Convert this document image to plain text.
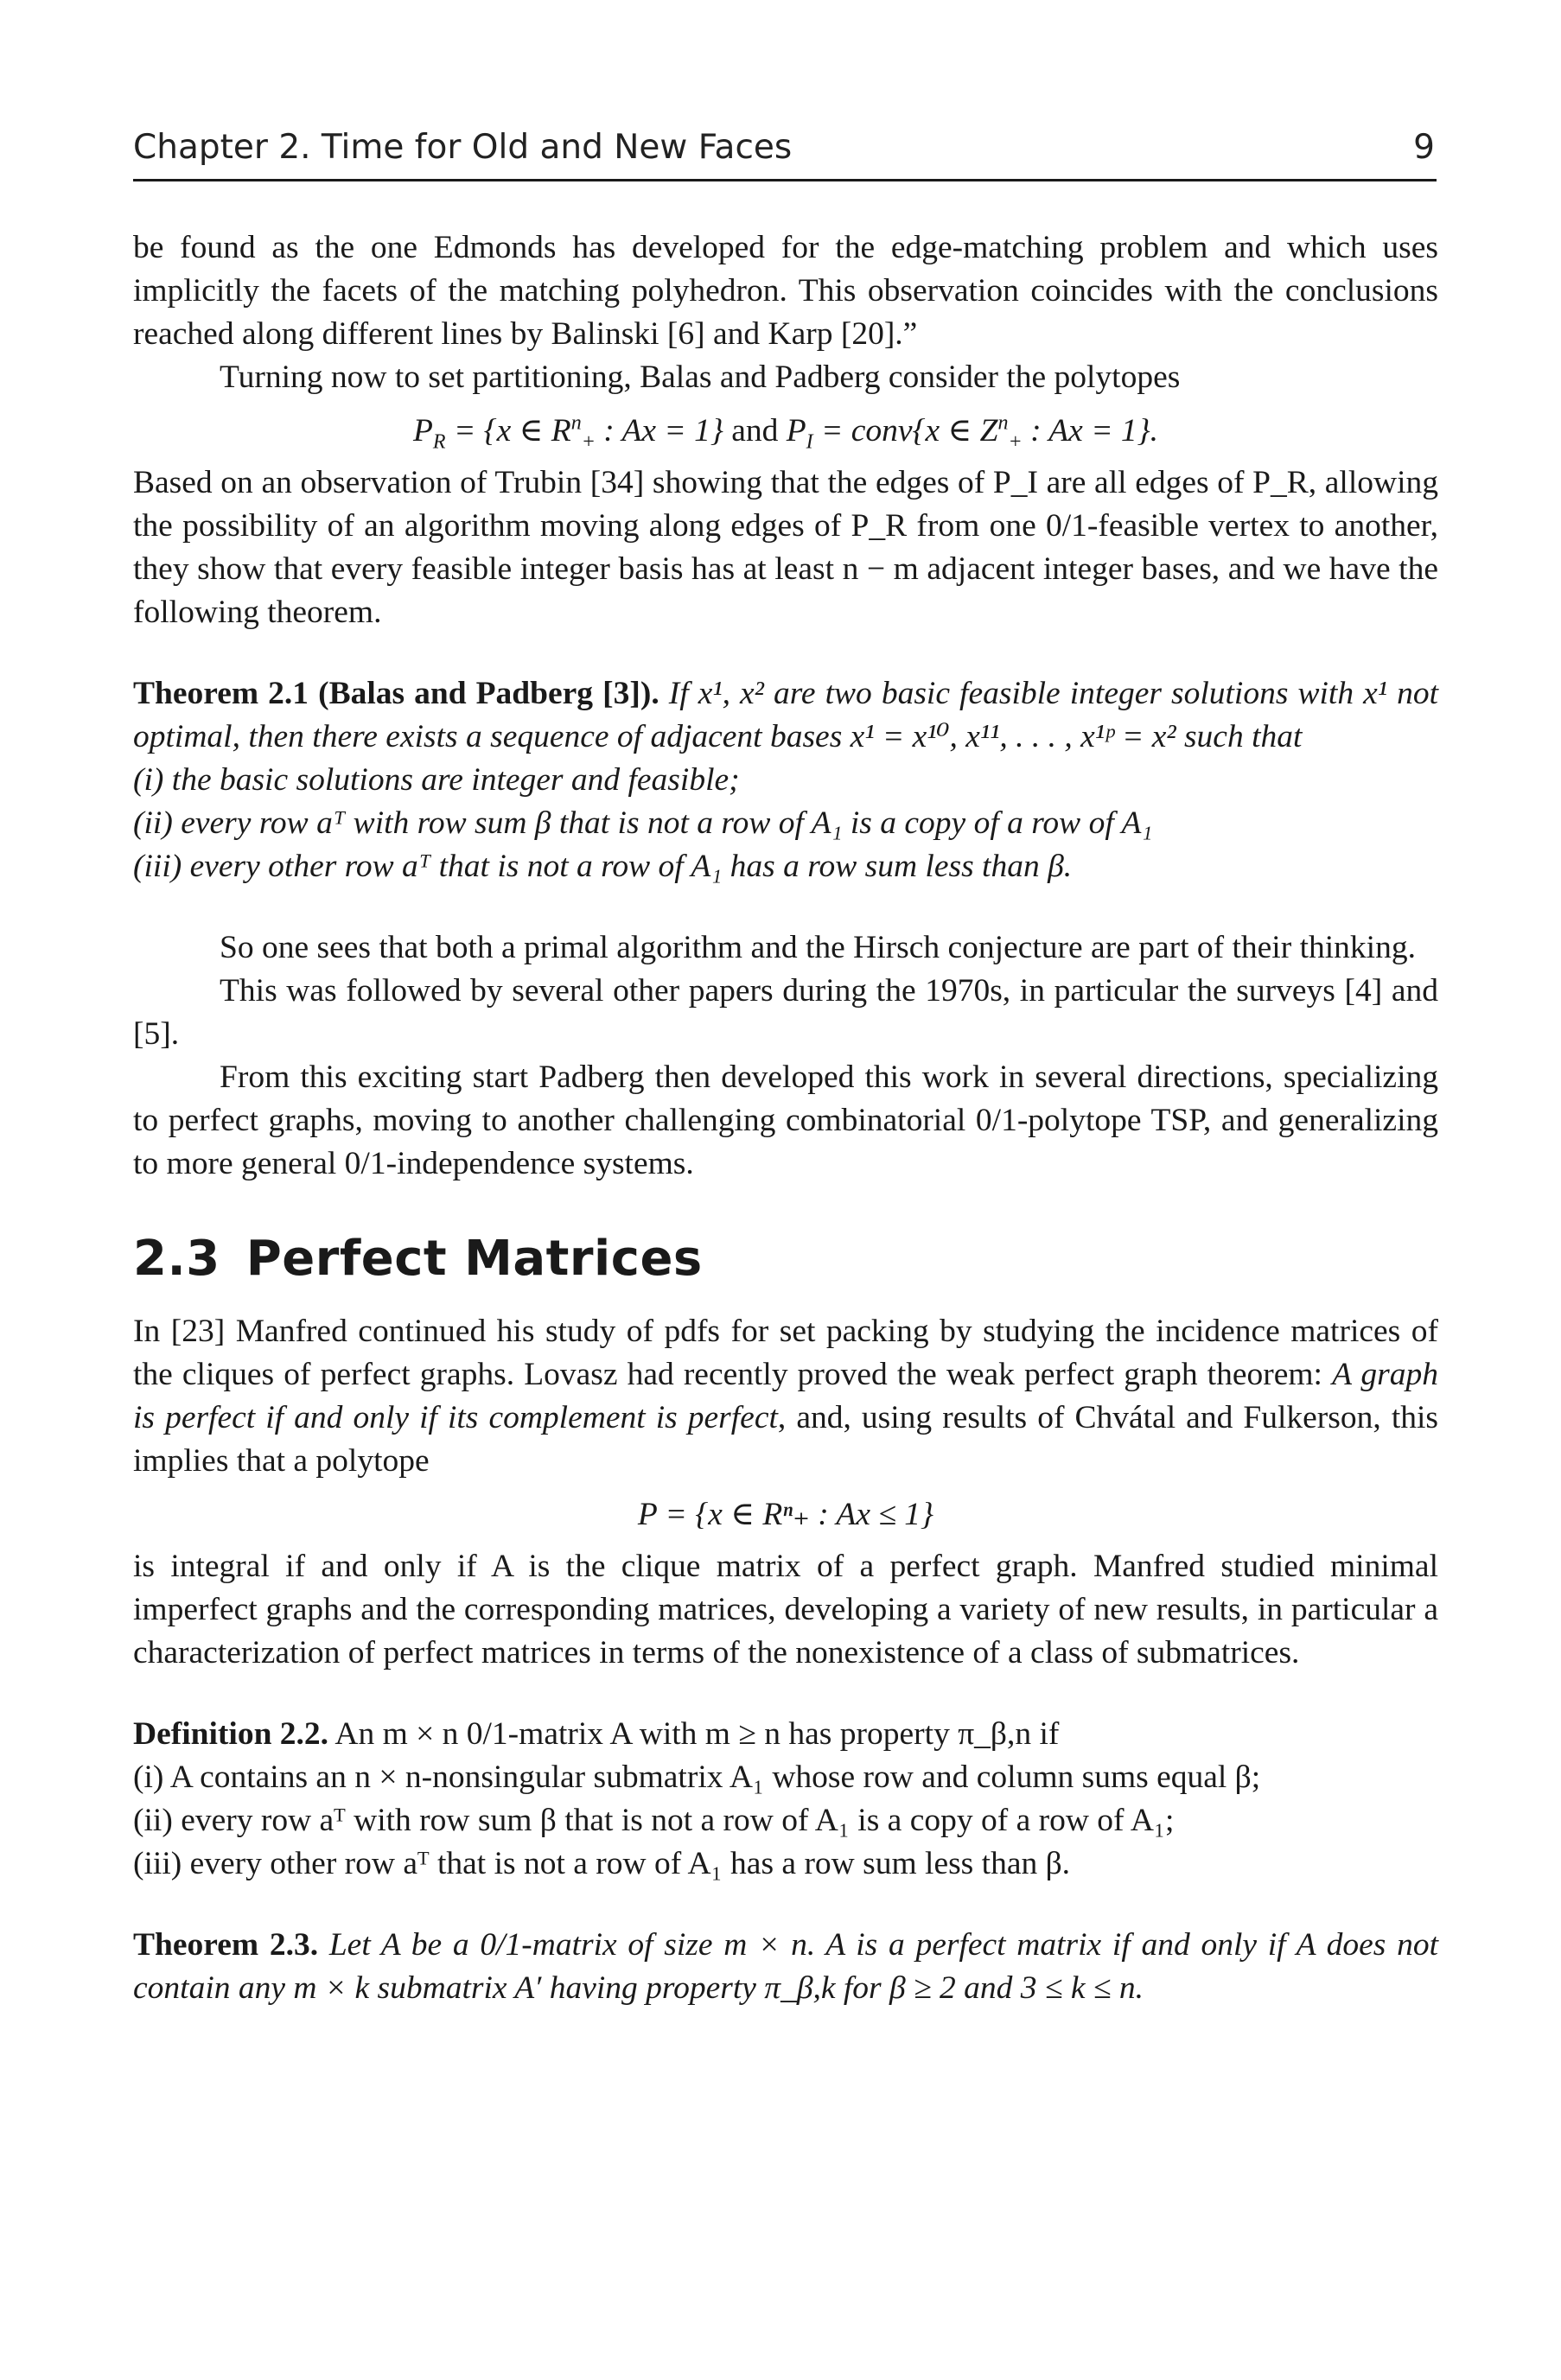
Chapter 2. Time for Old and New Faces	9

be found as the one Edmonds has developed for the edge-matching problem and which uses implicitly the facets of the matching polyhedron. This observation coincides with the conclusions reached along different lines by Balinski [6] and Karp [20].”

Turning now to set partitioning, Balas and Padberg consider the polytopes

$P_R = \{x$ ∈ $R^n_+$ : Ax = 1} and $P_I$ = conv{x ∈ $Z^n_+$ : Ax = 1}.

Based on an observation of Trubin [34] showing that the edges of P_I are all edges of P_R, allowing the possibility of an algorithm moving along edges of P_R from one 0/1-feasible vertex to another, they show that every feasible integer basis has at least n − m adjacent integer bases, and we have the following theorem.

Theorem 2.1 (Balas and Padberg [3]). If x¹, x² are two basic feasible integer solutions with x¹ not optimal, then there exists a sequence of adjacent bases x¹ = x¹⁰, x¹¹, . . . , x¹ᵖ = x² such that

(i) the basic solutions are integer and feasible;

(ii) every row aᵀ with row sum β that is not a row of A₁ is a copy of a row of A₁

(iii) every other row aᵀ that is not a row of A₁ has a row sum less than β.

So one sees that both a primal algorithm and the Hirsch conjecture are part of their thinking.

This was followed by several other papers during the 1970s, in particular the surveys [4] and [5].

From this exciting start Padberg then developed this work in several directions, specializing to perfect graphs, moving to another challenging combinatorial 0/1-polytope TSP, and generalizing to more general 0/1-independence systems.

2.3 Perfect Matrices

In [23] Manfred continued his study of pdfs for set packing by studying the incidence matrices of the cliques of perfect graphs. Lovasz had recently proved the weak perfect graph theorem: A graph is perfect if and only if its complement is perfect, and, using results of Chvátal and Fulkerson, this implies that a polytope

P = {x ∈ Rⁿ₊ : Ax ≤ 1}

is integral if and only if A is the clique matrix of a perfect graph. Manfred studied minimal imperfect graphs and the corresponding matrices, developing a variety of new results, in particular a characterization of perfect matrices in terms of the nonexistence of a class of submatrices.

Definition 2.2. An m × n 0/1-matrix A with m ≥ n has property π_β,n if

(i) A contains an n × n-nonsingular submatrix A₁ whose row and column sums equal β;

(ii) every row aᵀ with row sum β that is not a row of A₁ is a copy of a row of A₁;

(iii) every other row aᵀ that is not a row of A₁ has a row sum less than β.

Theorem 2.3. Let A be a 0/1-matrix of size m × n. A is a perfect matrix if and only if A does not contain any m × k submatrix A′ having property π_β,k for β ≥ 2 and 3 ≤ k ≤ n.
